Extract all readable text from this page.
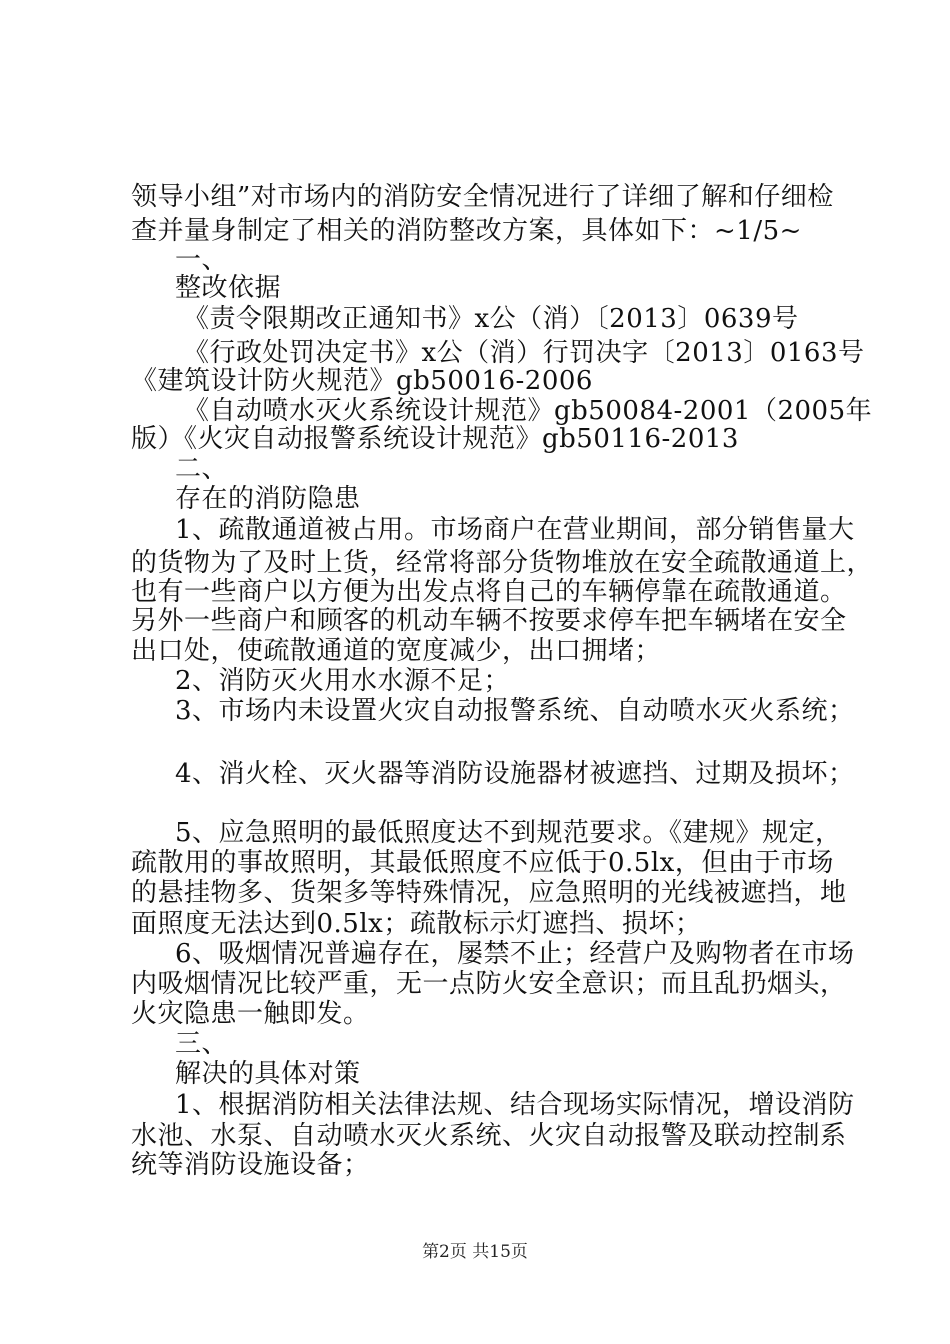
领导小组”对市场内的消防安全情况进行了详细了解和仔细检
查并量身制定了相关的消防整改方案，具体如下：~1/5~
一、
整改依据
《责令限期改正通知书》x公（消）〔2013〕0639号
《行政处罚决定书》x公（消）行罚决字〔2013〕0163号
《建筑设计防火规范》gb50016-2006
《自动喷水灭火系统设计规范》gb50084-2001（2005年
版）《火灾自动报警系统设计规范》gb50116-2013
二、
存在的消防隐患
1、疏散通道被占用。市场商户在营业期间，部分销售量大
的货物为了及时上货，经常将部分货物堆放在安全疏散通道上，
也有一些商户以方便为出发点将自己的车辆停靠在疏散通道。
另外一些商户和顾客的机动车辆不按要求停车把车辆堵在安全
出口处，使疏散通道的宽度减少，出口拥堵；
2、消防灭火用水水源不足；
3、市场内未设置火灾自动报警系统、自动喷水灭火系统；
4、消火栓、灭火器等消防设施器材被遮挡、过期及损坏；
5、应急照明的最低照度达不到规范要求。《建规》规定，
疏散用的事故照明，其最低照度不应低于0.5lx，但由于市场
的悬挂物多、货架多等特殊情况，应急照明的光线被遮挡，地
面照度无法达到0.5lx；疏散标示灯遮挡、损坏；
6、吸烟情况普遍存在，屡禁不止；经营户及购物者在市场
内吸烟情况比较严重，无一点防火安全意识；而且乱扔烟头，
火灾隐患一触即发。
三、
解决的具体对策
1、根据消防相关法律法规、结合现场实际情况，增设消防
水池、水泵、自动喷水灭火系统、火灾自动报警及联动控制系
统等消防设施设备；
第2页 共15页
